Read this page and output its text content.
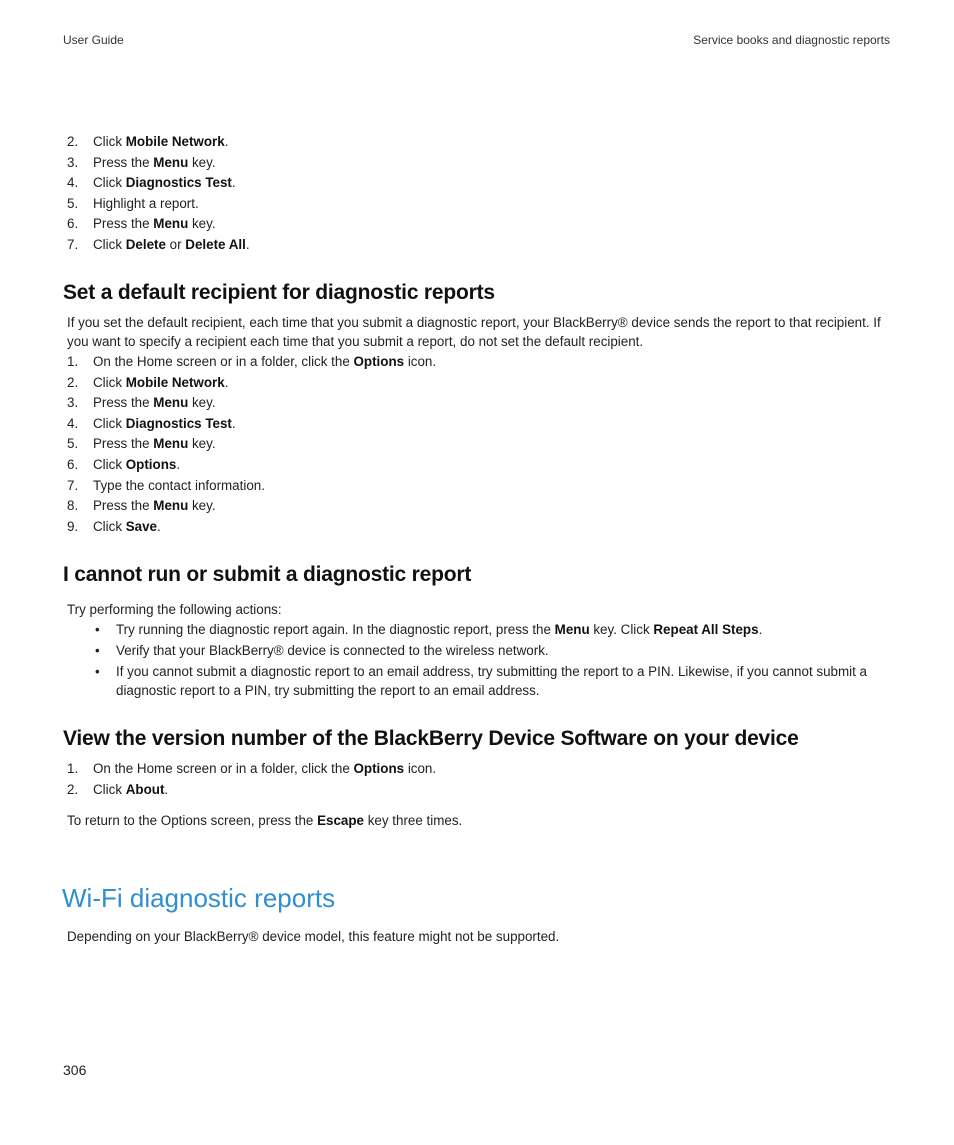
User Guide	Service books and diagnostic reports
2. Click Mobile Network.
3. Press the Menu key.
4. Click Diagnostics Test.
5. Highlight a report.
6. Press the Menu key.
7. Click Delete or Delete All.
Set a default recipient for diagnostic reports

If you set the default recipient, each time that you submit a diagnostic report, your BlackBerry® device sends the report to that recipient. If you want to specify a recipient each time that you submit a report, do not set the default recipient.

1. On the Home screen or in a folder, click the Options icon.
2. Click Mobile Network.
3. Press the Menu key.
4. Click Diagnostics Test.
5. Press the Menu key.
6. Click Options.
7. Type the contact information.
8. Press the Menu key.
9. Click Save.
I cannot run or submit a diagnostic report

Try performing the following actions:

• Try running the diagnostic report again. In the diagnostic report, press the Menu key. Click Repeat All Steps.
• Verify that your BlackBerry® device is connected to the wireless network.
• If you cannot submit a diagnostic report to an email address, try submitting the report to a PIN. Likewise, if you cannot submit a diagnostic report to a PIN, try submitting the report to an email address.
View the version number of the BlackBerry Device Software on your device
1. On the Home screen or in a folder, click the Options icon.
2. Click About.

To return to the Options screen, press the Escape key three times.

Wi-Fi diagnostic reports

Depending on your BlackBerry® device model, this feature might not be supported.

306
